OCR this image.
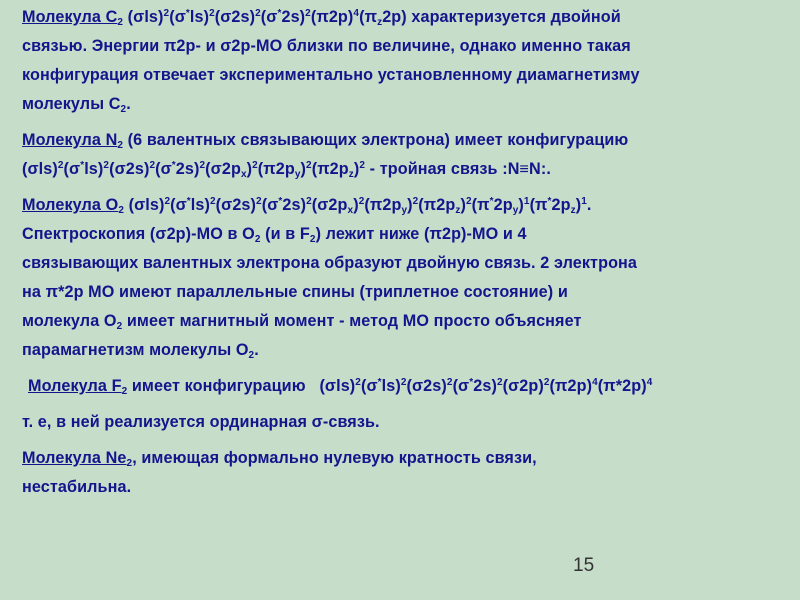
Молекула $C_2$ $(\sigma ls)^2(\sigma^*ls)^2(\sigma 2s)^2(\sigma^*2s)^2(\pi 2p)^4(\pi_z2p)$ характеризуется двойной
связью. Энергии π2р- и σ2р-МО близки по величине, однако именно такая
конфигурация отвечает экспериментально установленному диамагнетизму
молекулы $С_2$.
Молекула $N_2$ (6 валентных связывающих электрона) имеет конфигурацию
$(\sigma ls)^2(\sigma^*ls)^2(\sigma 2s)^2(\sigma^*2s)^2(\sigma 2p_x)^2(\pi 2p_y)^2(\pi 2p_z)^2$ - тройная связь :N≡N:.
Молекула $O_2$ $(\sigma ls)^2(\sigma^*ls)^2(\sigma 2s)^2(\sigma^*2s)^2(\sigma 2p_x)^2(\pi 2p_y)^2(\pi 2p_z)^2(\pi^*2p_y)^1(\pi^*2p_z)^1$.
Спектроскопия (σ2р)-МО в $О_2$ (и в $F_2$) лежит ниже (π2р)-МО и 4
связывающих валентных электрона образуют двойную связь. 2 электрона
на π*2р МО имеют параллельные спины (триплетное состояние) и
молекула $О_2$ имеет магнитный момент - метод МО просто объясняет
парамагнетизм молекулы $О_2$.
Молекула $F_2$ имеет конфигурацию   $(\sigma ls)^2(\sigma^*ls)^2(\sigma 2s)^2(\sigma^*2s)^2(\sigma 2p)^2(\pi 2p)^4(\pi*2p)^4$
т. е, в ней реализуется ординарная σ-связь.
Молекула $Ne_2$, имеющая формально нулевую кратность связи,
нестабильна.
15
